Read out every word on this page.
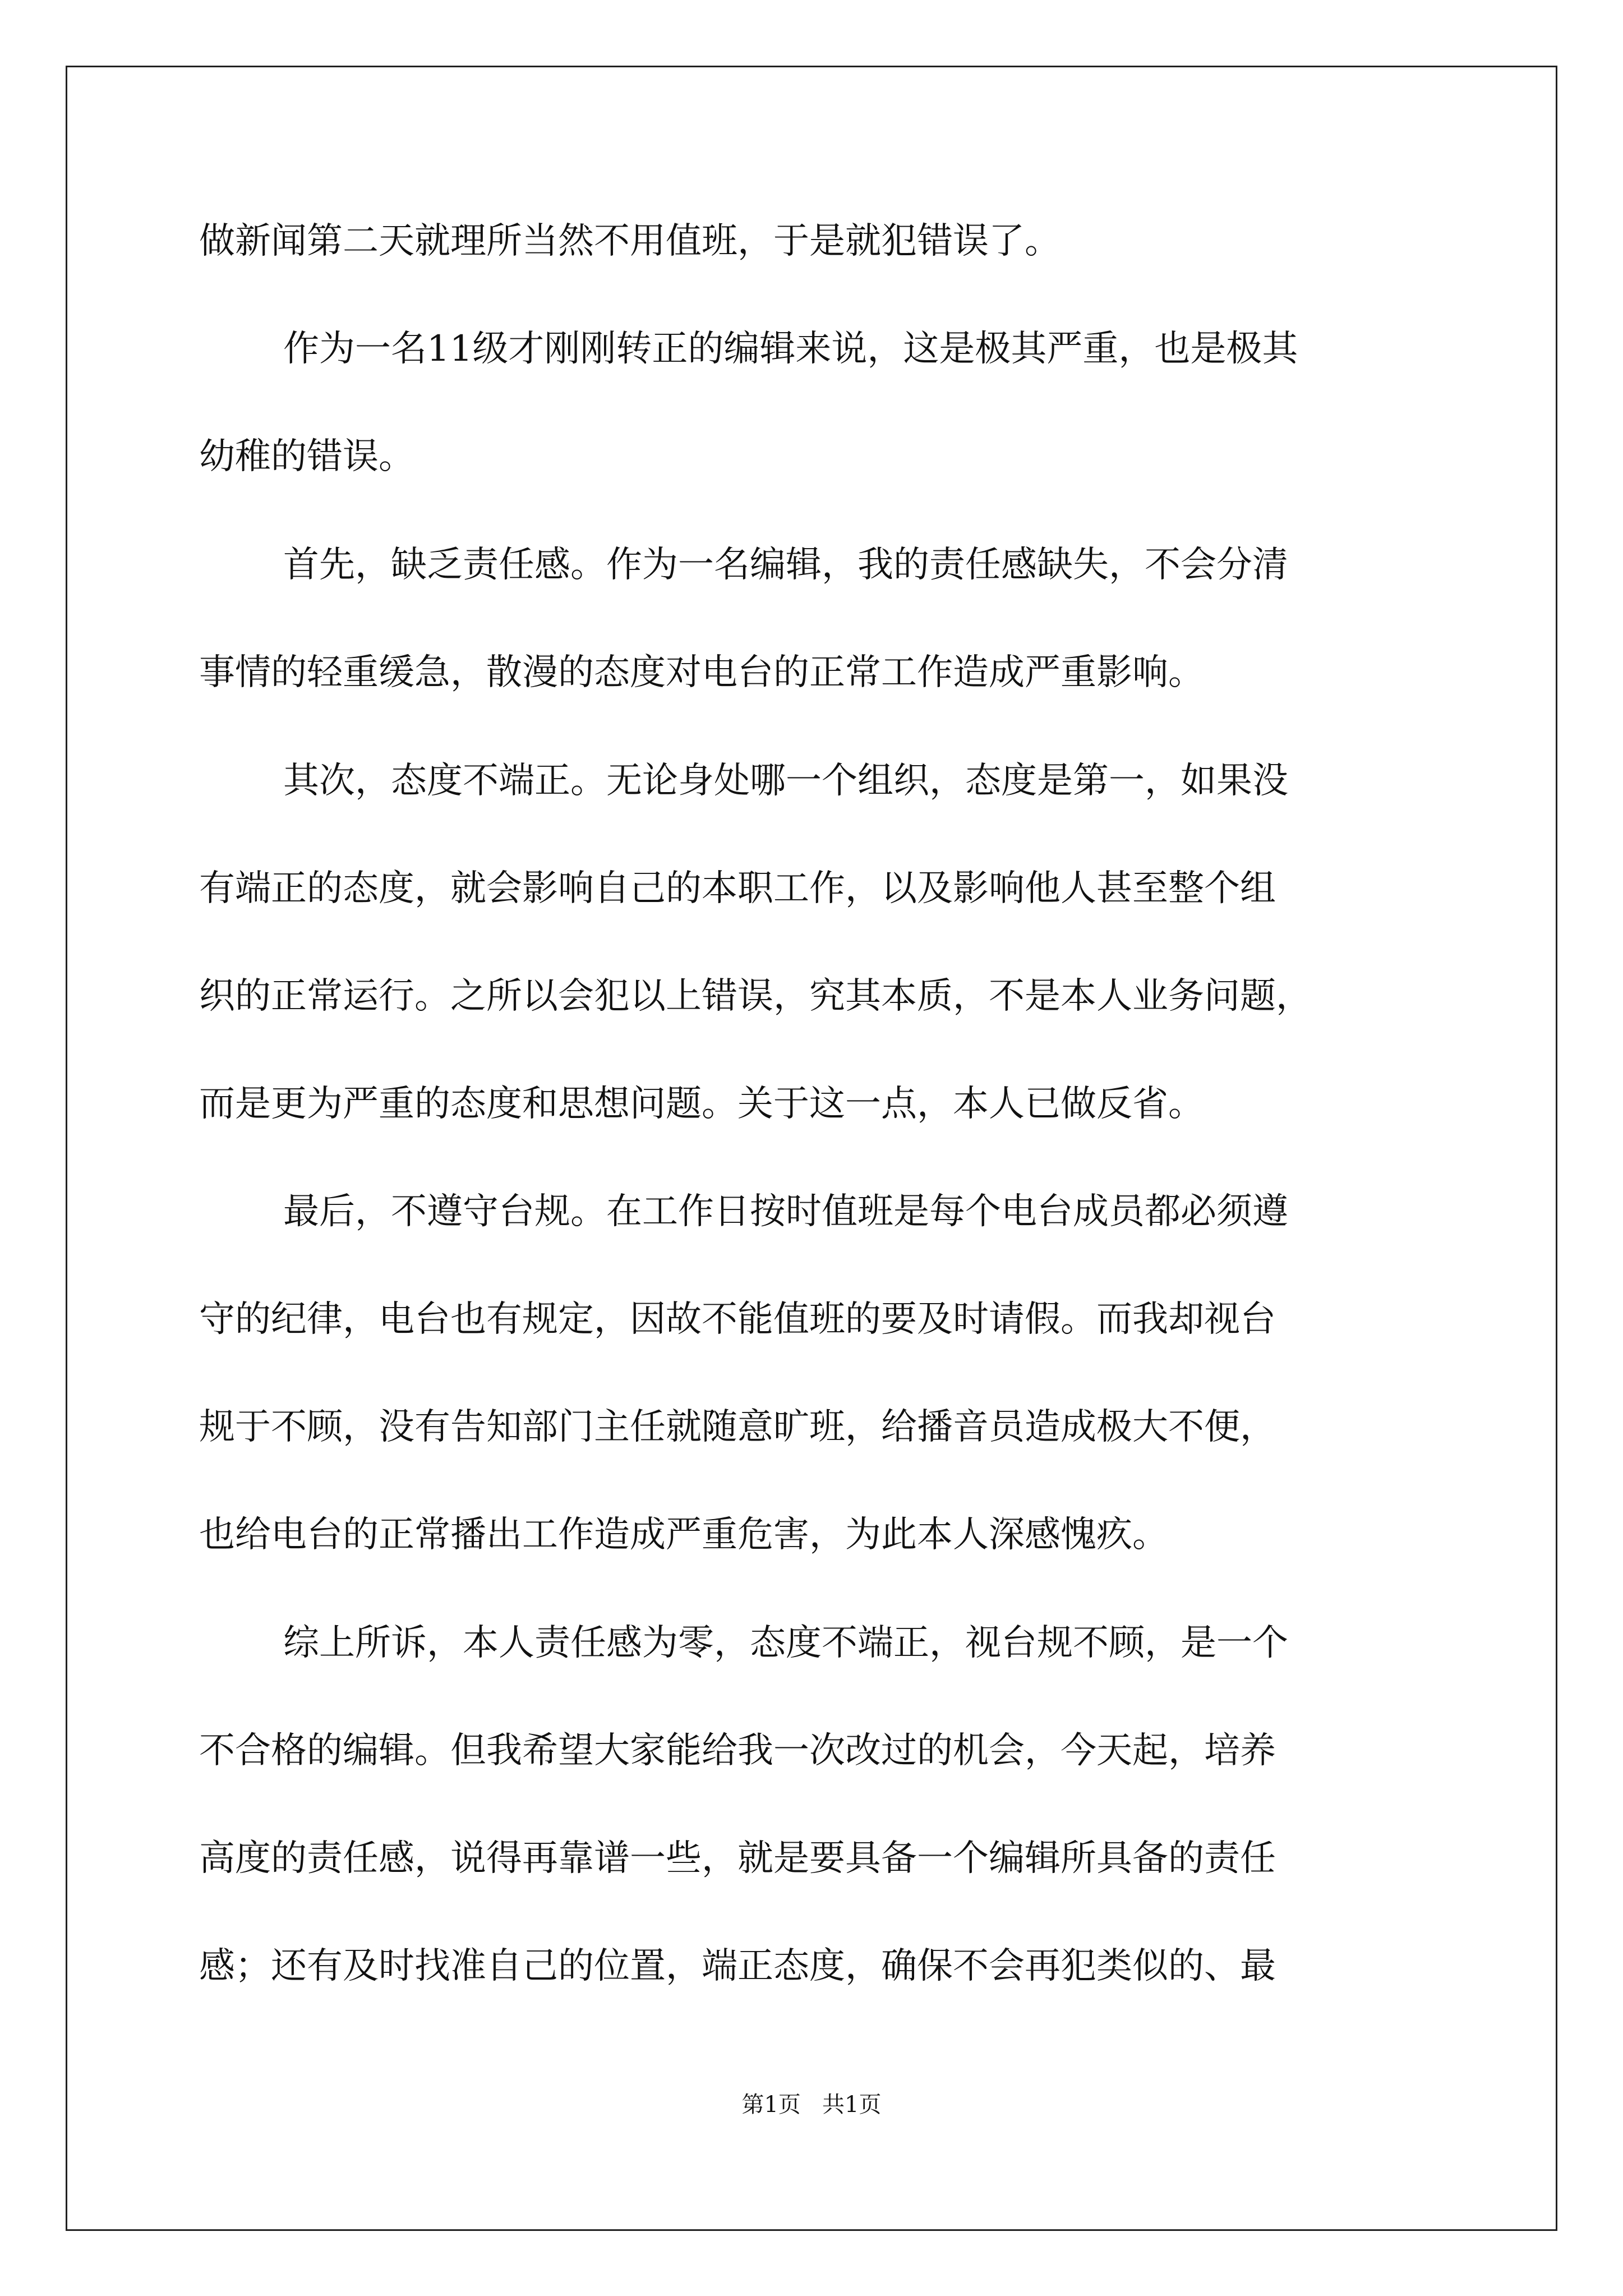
做新闻第二天就理所当然不用值班，于是就犯错误了。
作为一名11级才刚刚转正的编辑来说，这是极其严重，也是极其
幼稚的错误。
首先，缺乏责任感。作为一名编辑，我的责任感缺失，不会分清
事情的轻重缓急，散漫的态度对电台的正常工作造成严重影响。
其次，态度不端正。无论身处哪一个组织，态度是第一，如果没
有端正的态度，就会影响自己的本职工作，以及影响他人甚至整个组
织的正常运行。之所以会犯以上错误，究其本质，不是本人业务问题，
而是更为严重的态度和思想问题。关于这一点，本人已做反省。
最后，不遵守台规。在工作日按时值班是每个电台成员都必须遵
守的纪律，电台也有规定，因故不能值班的要及时请假。而我却视台
规于不顾，没有告知部门主任就随意旷班，给播音员造成极大不便，
也给电台的正常播出工作造成严重危害，为此本人深感愧疚。
综上所诉，本人责任感为零，态度不端正，视台规不顾，是一个
不合格的编辑。但我希望大家能给我一次改过的机会，今天起，培养
高度的责任感，说得再靠谱一些，就是要具备一个编辑所具备的责任
感；还有及时找准自己的位置，端正态度，确保不会再犯类似的、最
第1页   共1页
